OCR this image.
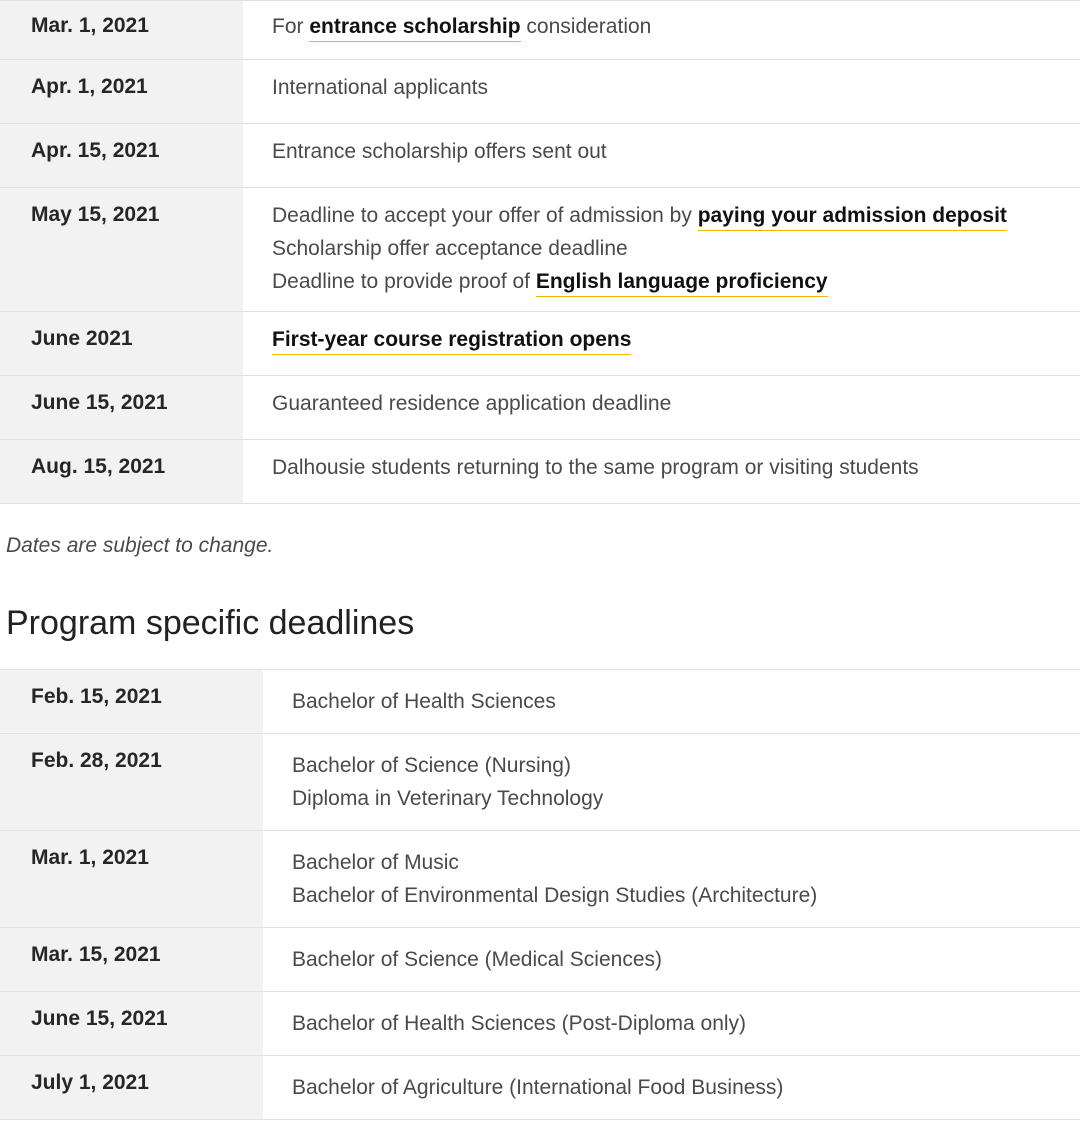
Mar. 1, 2021	For entrance scholarship consideration

Apr. 1, 2021	International applicants

Apr. 15, 2021	Entrance scholarship offers sent out

May 15, 2021	Deadline to accept your offer of admission by paying your admission deposit
Scholarship offer acceptance deadline
Deadline to provide proof of English language proficiency

June 2021	First-year course registration opens

June 15, 2021	Guaranteed residence application deadline

Aug. 15, 2021	Dalhousie students returning to the same program or visiting students
Dates are subject to change.
Program specific deadlines
Feb. 15, 2021	Bachelor of Health Sciences

Feb. 28, 2021	Bachelor of Science (Nursing)
Diploma in Veterinary Technology

Mar. 1, 2021	Bachelor of Music
Bachelor of Environmental Design Studies (Architecture)

Mar. 15, 2021	Bachelor of Science (Medical Sciences)

June 15, 2021	Bachelor of Health Sciences (Post-Diploma only)

July 1, 2021	Bachelor of Agriculture (International Food Business)
